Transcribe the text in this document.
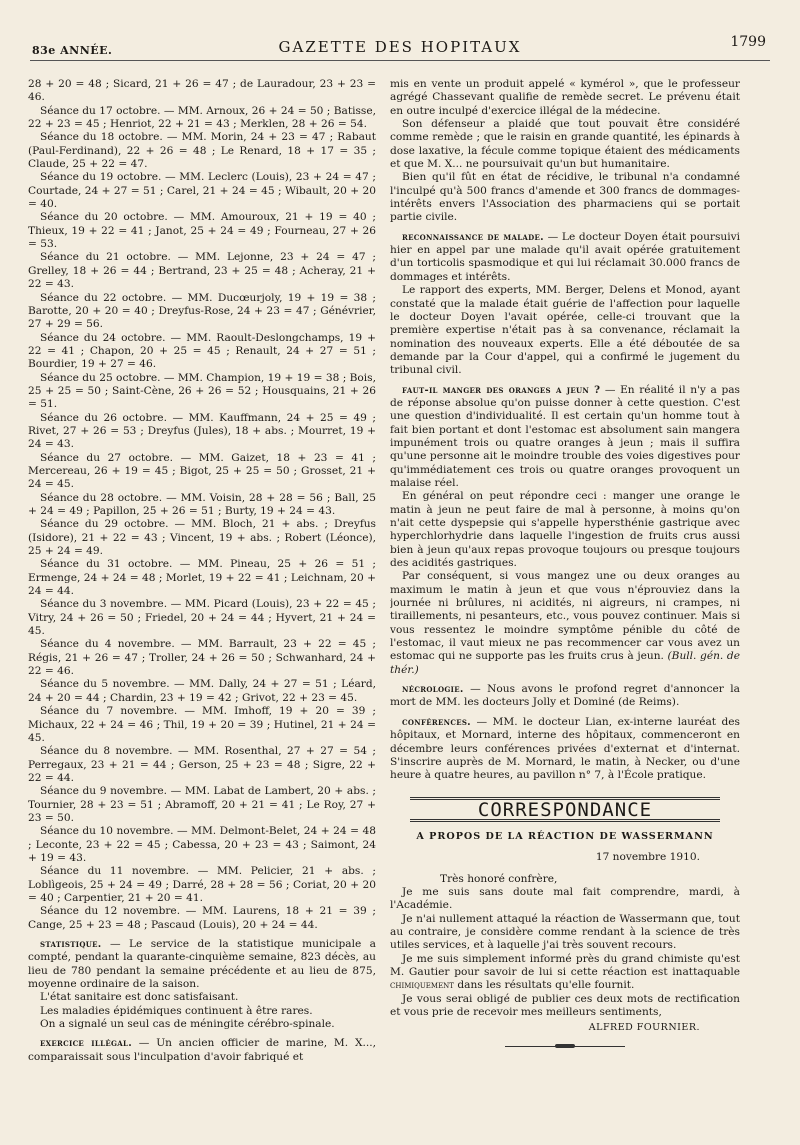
83e ANNÉE.	GAZETTE DES HOPITAUX	1799

28 + 20 = 48 ; Sicard, 21 + 26 = 47 ; de Lauradour, 23 + 23 = 46.

Séance du 17 octobre. — MM. Arnoux, 26 + 24 = 50 ; Batisse, 22 + 23 = 45 ; Henriot, 22 + 21 = 43 ; Merklen, 28 + 26 = 54.

Séance du 18 octobre. — MM. Morin, 24 + 23 = 47 ; Rabaut (Paul-Ferdinand), 22 + 26 = 48 ; Le Renard, 18 + 17 = 35 ; Claude, 25 + 22 = 47.

Séance du 19 octobre. — MM. Leclerc (Louis), 23 + 24 = 47 ; Courtade, 24 + 27 = 51 ; Carel, 21 + 24 = 45 ; Wibault, 20 + 20 = 40.

Séance du 20 octobre. — MM. Amouroux, 21 + 19 = 40 ; Thieux, 19 + 22 = 41 ; Janot, 25 + 24 = 49 ; Fourneau, 27 + 26 = 53.

Séance du 21 octobre. — MM. Lejonne, 23 + 24 = 47 ; Grelley, 18 + 26 = 44 ; Bertrand, 23 + 25 = 48 ; Acheray, 21 + 22 = 43.

Séance du 22 octobre. — MM. Ducœurjoly, 19 + 19 = 38 ; Barotte, 20 + 20 = 40 ; Dreyfus-Rose, 24 + 23 = 47 ; Génévrier, 27 + 29 = 56.

Séance du 24 octobre. — MM. Raoult-Deslongchamps, 19 + 22 = 41 ; Chapon, 20 + 25 = 45 ; Renault, 24 + 27 = 51 ; Bourdier, 19 + 27 = 46.

Séance du 25 octobre. — MM. Champion, 19 + 19 = 38 ; Bois, 25 + 25 = 50 ; Saint-Cène, 26 + 26 = 52 ; Housquains, 21 + 26 = 51.

Séance du 26 octobre. — MM. Kauffmann, 24 + 25 = 49 ; Rivet, 27 + 26 = 53 ; Dreyfus (Jules), 18 + abs. ; Mourret, 19 + 24 = 43.

Séance du 27 octobre. — MM. Gaizet, 18 + 23 = 41 ; Mercereau, 26 + 19 = 45 ; Bigot, 25 + 25 = 50 ; Grosset, 21 + 24 = 45.

Séance du 28 octobre. — MM. Voisin, 28 + 28 = 56 ; Ball, 25 + 24 = 49 ; Papillon, 25 + 26 = 51 ; Burty, 19 + 24 = 43.

Séance du 29 octobre. — MM. Bloch, 21 + abs. ; Dreyfus (Isidore), 21 + 22 = 43 ; Vincent, 19 + abs. ; Robert (Léonce), 25 + 24 = 49.

Séance du 31 octobre. — MM. Pineau, 25 + 26 = 51 ; Ermenge, 24 + 24 = 48 ; Morlet, 19 + 22 = 41 ; Leichnam, 20 + 24 = 44.

Séance du 3 novembre. — MM. Picard (Louis), 23 + 22 = 45 ; Vitry, 24 + 26 = 50 ; Friedel, 20 + 24 = 44 ; Hyvert, 21 + 24 = 45.

Séance du 4 novembre. — MM. Barrault, 23 + 22 = 45 ; Régis, 21 + 26 = 47 ; Troller, 24 + 26 = 50 ; Schwanhard, 24 + 22 = 46.

Séance du 5 novembre. — MM. Dally, 24 + 27 = 51 ; Léard, 24 + 20 = 44 ; Chardin, 23 + 19 = 42 ; Grivot, 22 + 23 = 45.

Séance du 7 novembre. — MM. Imhoff, 19 + 20 = 39 ; Michaux, 22 + 24 = 46 ; Thil, 19 + 20 = 39 ; Hutinel, 21 + 24 = 45.

Séance du 8 novembre. — MM. Rosenthal, 27 + 27 = 54 ; Perregaux, 23 + 21 = 44 ; Gerson, 25 + 23 = 48 ; Sigre, 22 + 22 = 44.

Séance du 9 novembre. — MM. Labat de Lambert, 20 + abs. ; Tournier, 28 + 23 = 51 ; Abramoff, 20 + 21 = 41 ; Le Roy, 27 + 23 = 50.

Séance du 10 novembre. — MM. Delmont-Belet, 24 + 24 = 48 ; Leconte, 23 + 22 = 45 ; Cabessa, 20 + 23 = 43 ; Saimont, 24 + 19 = 43.

Séance du 11 novembre. — MM. Pelicier, 21 + abs. ; Loblìgeois, 25 + 24 = 49 ; Darré, 28 + 28 = 56 ; Coriat, 20 + 20 = 40 ; Carpentier, 21 + 20 = 41.

Séance du 12 novembre. — MM. Laurens, 18 + 21 = 39 ; Cange, 25 + 23 = 48 ; Pascaud (Louis), 20 + 24 = 44.

statistique. — Le service de la statistique municipale a compté, pendant la quarante-cinquième semaine, 823 décès, au lieu de 780 pendant la semaine précédente et au lieu de 875, moyenne ordinaire de la saison.

L'état sanitaire est donc satisfaisant.

Les maladies épidémiques continuent à être rares.

On a signalé un seul cas de méningite cérébro-spinale.

exercice illégal. — Un ancien officier de marine, M. X..., comparaissait sous l'inculpation d'avoir fabriqué et

mis en vente un produit appelé « kymérol », que le professeur agrégé Chassevant qualifie de remède secret. Le prévenu était en outre inculpé d'exercice illégal de la médecine.

Son défenseur a plaidé que tout pouvait être considéré comme remède ; que le raisin en grande quantité, les épinards à dose laxative, la fécule comme topique étaient des médicaments et que M. X... ne poursuivait qu'un but humanitaire.

Bien qu'il fût en état de récidive, le tribunal n'a condamné l'inculpé qu'à 500 francs d'amende et 300 francs de dommages-intérêts envers l'Association des pharmaciens qui se portait partie civile.

reconnaissance de malade. — Le docteur Doyen était poursuivi hier en appel par une malade qu'il avait opérée gratuitement d'un torticolis spasmodique et qui lui réclamait 30.000 francs de dommages et intérêts.

Le rapport des experts, MM. Berger, Delens et Monod, ayant constaté que la malade était guérie de l'affection pour laquelle le docteur Doyen l'avait opérée, celle-ci trouvant que la première expertise n'était pas à sa convenance, réclamait la nomination des nouveaux experts. Elle a été déboutée de sa demande par la Cour d'appel, qui a confirmé le jugement du tribunal civil.

faut-il manger des oranges a jeun ? — En réalité il n'y a pas de réponse absolue qu'on puisse donner à cette question. C'est une question d'individualité. Il est certain qu'un homme tout à fait bien portant et dont l'estomac est absolument sain mangera impunément trois ou quatre oranges à jeun ; mais il suffira qu'une personne ait le moindre trouble des voies digestives pour qu'immédiatement ces trois ou quatre oranges provoquent un malaise réel.

En général on peut répondre ceci : manger une orange le matin à jeun ne peut faire de mal à personne, à moins qu'on n'ait cette dyspepsie qui s'appelle hypersthénie gastrique avec hyperchlorhydrie dans laquelle l'ingestion de fruits crus aussi bien à jeun qu'aux repas provoque toujours ou presque toujours des acidités gastriques.

Par conséquent, si vous mangez une ou deux oranges au maximum le matin à jeun et que vous n'éprouviez dans la journée ni brûlures, ni acidités, ni aigreurs, ni crampes, ni tiraillements, ni pesanteurs, etc., vous pouvez continuer. Mais si vous ressentez le moindre symptôme pénible du côté de l'estomac, il vaut mieux ne pas recommencer car vous avez un estomac qui ne supporte pas les fruits crus à jeun. (Bull. gén. de thér.)

nécrologie. — Nous avons le profond regret d'annoncer la mort de MM. les docteurs Jolly et Dominé (de Reims).

conférences. — MM. le docteur Lian, ex-interne lauréat des hôpitaux, et Mornard, interne des hôpitaux, commenceront en décembre leurs conférences privées d'externat et d'internat. S'inscrire auprès de M. Mornard, le matin, à Necker, ou d'une heure à quatre heures, au pavillon n° 7, à l'École pratique.

CORRESPONDANCE
A PROPOS DE LA RÉACTION DE WASSERMANN
17 novembre 1910.
Très honoré confrère,

Je me suis sans doute mal fait comprendre, mardi, à l'Académie.

Je n'ai nullement attaqué la réaction de Wassermann que, tout au contraire, je considère comme rendant à la science de très utiles services, et à laquelle j'ai très souvent recours.

Je me suis simplement informé près du grand chimiste qu'est M. Gautier pour savoir de lui si cette réaction est inattaquable chimiquement dans les résultats qu'elle fournit.

Je vous serai obligé de publier ces deux mots de rectification et vous prie de recevoir mes meilleurs sentiments,

ALFRED FOURNIER.
